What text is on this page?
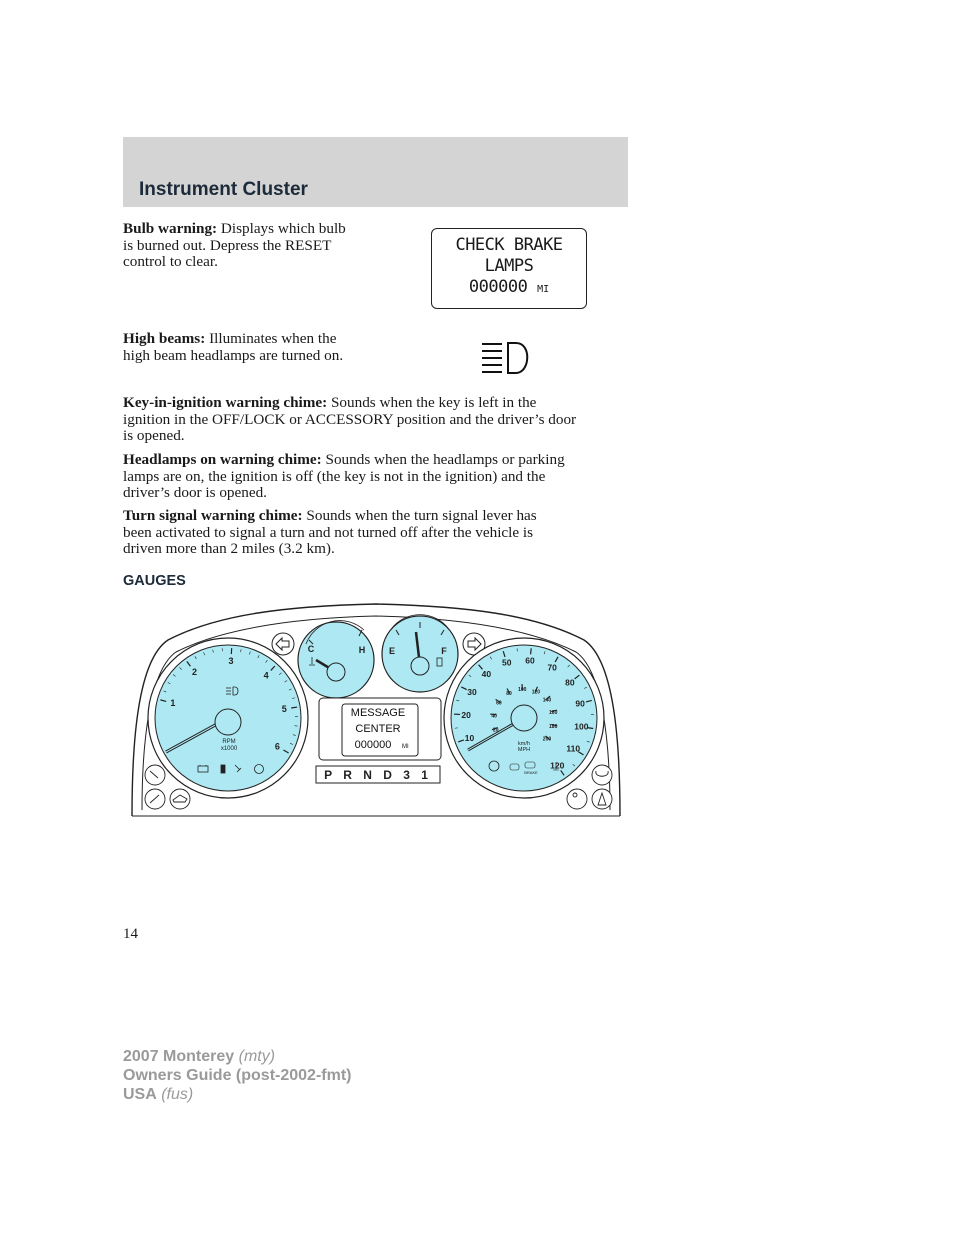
Instrument Cluster
Bulb warning: Displays which bulb
is burned out. Depress the RESET
control to clear.
CHECK BRAKE
LAMPS
000000 MI
High beams: Illuminates when the
high beam headlamps are turned on.
Key-in-ignition warning chime: Sounds when the key is left in the
ignition in the OFF/LOCK or ACCESSORY position and the driver’s door
is opened.
Headlamps on warning chime: Sounds when the headlamps or parking
lamps are on, the ignition is off (the key is not in the ignition) and the
driver’s door is opened.
Turn signal warning chime: Sounds when the turn signal lever has
been activated to signal a turn and not turned off after the vehicle is
driven more than 2 miles (3.2 km).
GAUGES
1
2
3
4
5
6
RPM
x1000
C	H	E	F
MESSAGE
CENTER
000000 MI
P R N D 3 1
10
20
30
40
50 60
70
80
90
100
110
120
20
40
60
80
100 120
140
160
180
200
km/h
MPH
BRAKE
14
2007 Monterey (mty)
Owners Guide (post-2002-fmt)
USA (fus)
